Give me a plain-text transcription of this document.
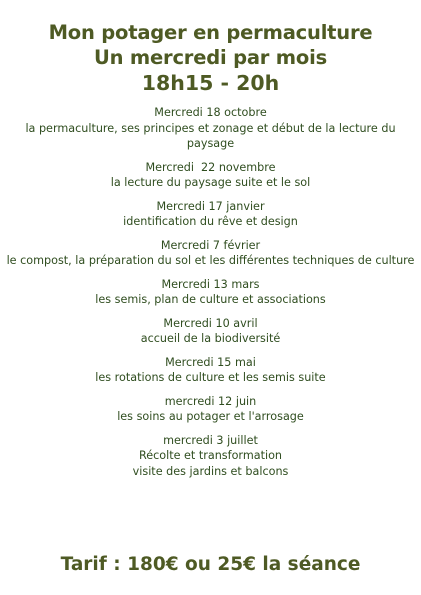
Mon potager en permaculture
Un mercredi par mois
18h15 - 20h
Mercredi 18 octobre
la permaculture, ses principes et zonage et début de la lecture du paysage
Mercredi  22 novembre
la lecture du paysage suite et le sol
Mercredi 17 janvier
identification du rêve et design
Mercredi 7 février
le compost, la préparation du sol et les différentes techniques de culture
Mercredi 13 mars
les semis, plan de culture et associations
Mercredi 10 avril
accueil de la biodiversité
Mercredi 15 mai
les rotations de culture et les semis suite
mercredi 12 juin
les soins au potager et l'arrosage
mercredi 3 juillet
Récolte et transformation
visite des jardins et balcons
Tarif : 180€ ou 25€ la séance
